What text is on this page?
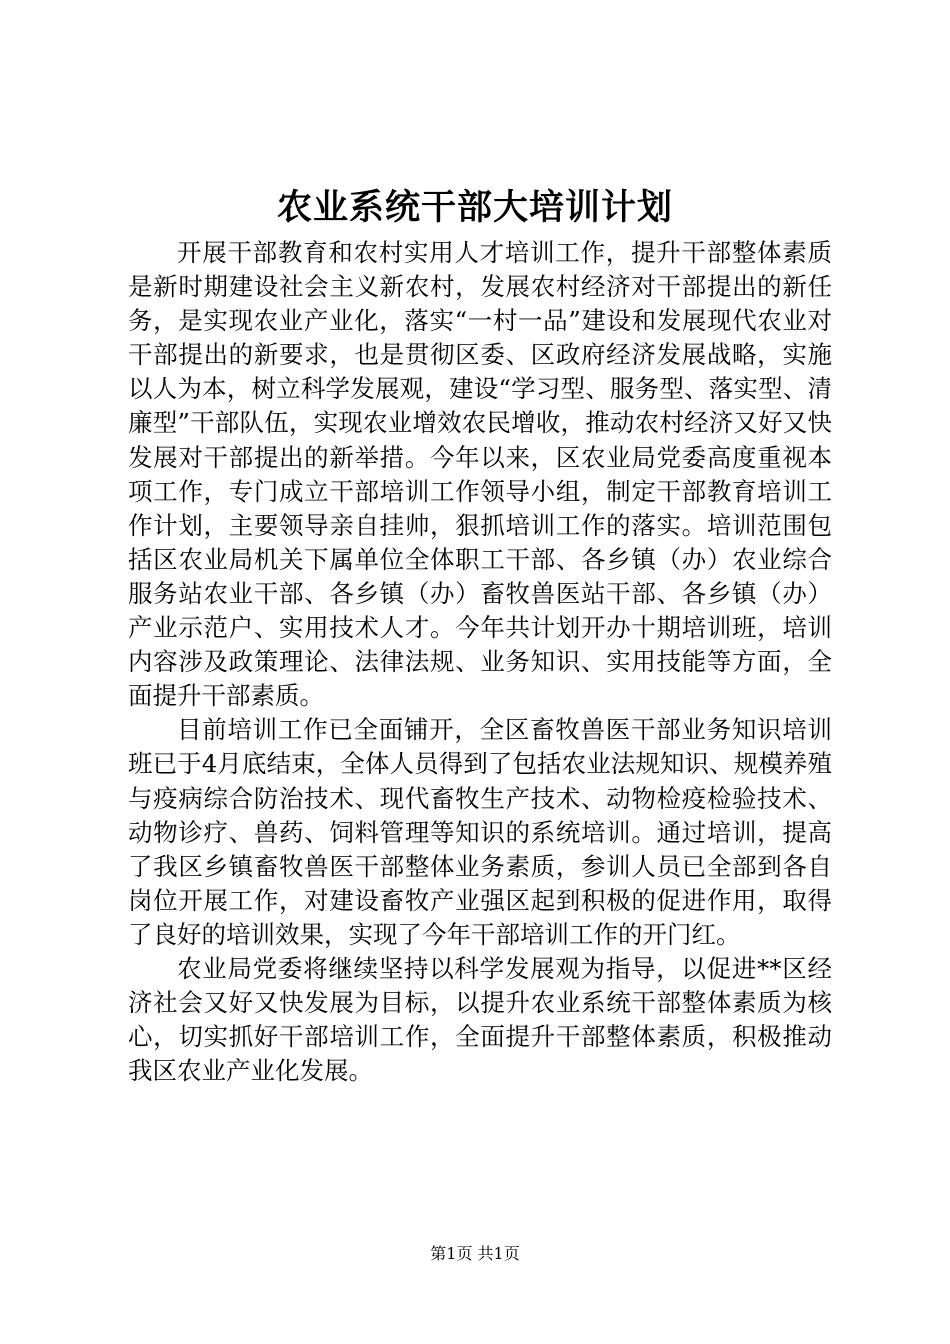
农业系统干部大培训计划

开展干部教育和农村实用人才培训工作，提升干部整体素质是新时期建设社会主义新农村，发展农村经济对干部提出的新任务，是实现农业产业化，落实“一村一品”建设和发展现代农业对干部提出的新要求，也是贯彻区委、区政府经济发展战略，实施以人为本，树立科学发展观，建设“学习型、服务型、落实型、清廉型”干部队伍，实现农业增效农民增收，推动农村经济又好又快发展对干部提出的新举措。今年以来，区农业局党委高度重视本项工作，专门成立干部培训工作领导小组，制定干部教育培训工作计划，主要领导亲自挂帅，狠抓培训工作的落实。培训范围包括区农业局机关下属单位全体职工干部、各乡镇（办）农业综合服务站农业干部、各乡镇（办）畜牧兽医站干部、各乡镇（办）产业示范户、实用技术人才。今年共计划开办十期培训班，培训内容涉及政策理论、法律法规、业务知识、实用技能等方面，全面提升干部素质。

目前培训工作已全面铺开，全区畜牧兽医干部业务知识培训班已于4月底结束，全体人员得到了包括农业法规知识、规模养殖与疫病综合防治技术、现代畜牧生产技术、动物检疫检验技术、动物诊疗、兽药、饲料管理等知识的系统培训。通过培训，提高了我区乡镇畜牧兽医干部整体业务素质，参训人员已全部到各自岗位开展工作，对建设畜牧产业强区起到积极的促进作用，取得了良好的培训效果，实现了今年干部培训工作的开门红。

农业局党委将继续坚持以科学发展观为指导，以促进**区经济社会又好又快发展为目标，以提升农业系统干部整体素质为核心，切实抓好干部培训工作，全面提升干部整体素质，积极推动我区农业产业化发展。

第1页 共1页
